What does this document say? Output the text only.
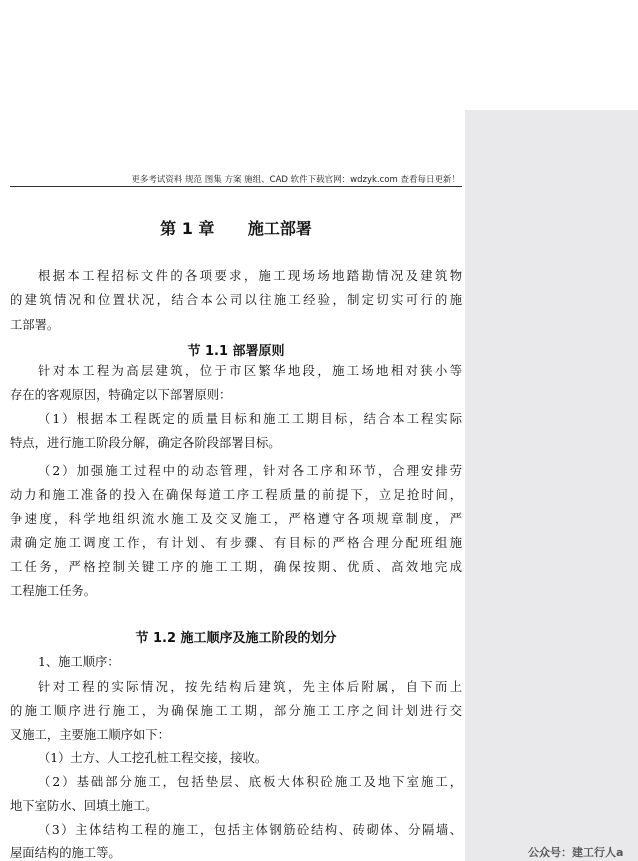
更多考试资料 规范 图集 方案 施组、CAD 软件下载官网：wdzyk.com 查看每日更新！
第 1 章      施工部署
根据本工程招标文件的各项要求，施工现场场地踏勘情况及建筑物
的建筑情况和位置状况，结合本公司以往施工经验，制定切实可行的施
工部署。
节 1.1 部署原则
针对本工程为高层建筑，位于市区繁华地段，施工场地相对狭小等
存在的客观原因，特确定以下部署原则：
（1）根据本工程既定的质量目标和施工工期目标，结合本工程实际
特点，进行施工阶段分解，确定各阶段部署目标。
（2）加强施工过程中的动态管理，针对各工序和环节，合理安排劳
动力和施工准备的投入在确保每道工序工程质量的前提下，立足抢时间，
争速度，科学地组织流水施工及交叉施工，严格遵守各项规章制度，严
肃确定施工调度工作，有计划、有步骤、有目标的严格合理分配班组施
工任务，严格控制关键工序的施工工期，确保按期、优质、高效地完成
工程施工任务。
节 1.2 施工顺序及施工阶段的划分
1、施工顺序：
针对工程的实际情况，按先结构后建筑，先主体后附属，自下而上
的施工顺序进行施工，为确保施工工期，部分施工工序之间计划进行交
叉施工，主要施工顺序如下：
（1）土方、人工挖孔桩工程交接，接收。
（2）基础部分施工，包括垫层、底板大体积砼施工及地下室施工，
地下室防水、回填土施工。
（3）主体结构工程的施工，包括主体钢筋砼结构、砖砌体、分隔墙、
屋面结构的施工等。	公众号：建工行人a
